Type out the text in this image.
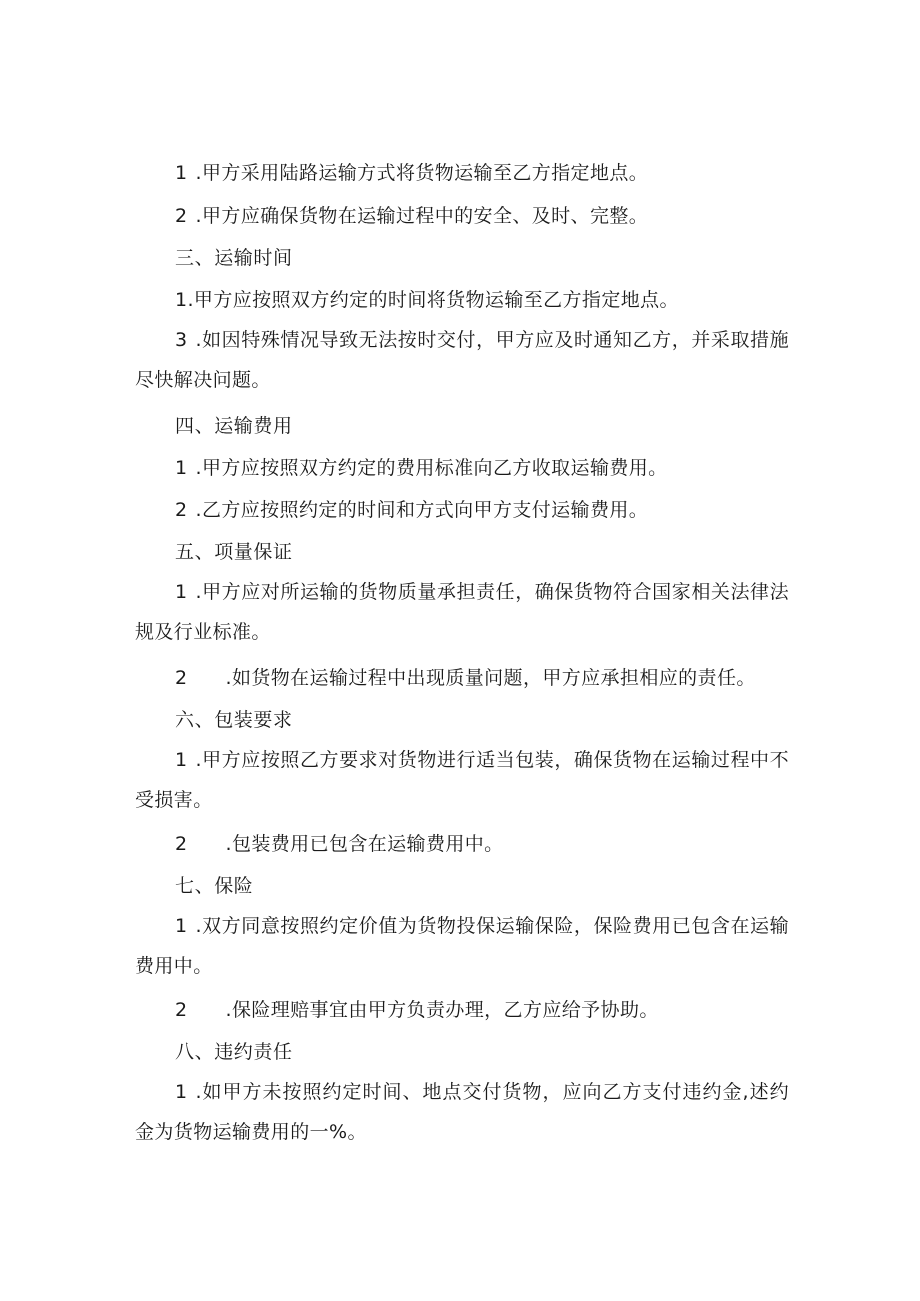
1 .甲方采用陆路运输方式将货物运输至乙方指定地点。
2 .甲方应确保货物在运输过程中的安全、及时、完整。
三、运输时间
1.甲方应按照双方约定的时间将货物运输至乙方指定地点。
3 .如因特殊情况导致无法按时交付，甲方应及时通知乙方，并采取措施尽快解决问题。
四、运输费用
1 .甲方应按照双方约定的费用标准向乙方收取运输费用。
2 .乙方应按照约定的时间和方式向甲方支付运输费用。
五、项量保证
1 .甲方应对所运输的货物质量承担责任，确保货物符合国家相关法律法规及行业标准。
2 .如货物在运输过程中出现质量问题，甲方应承担相应的责任。
六、包装要求
1 .甲方应按照乙方要求对货物进行适当包装，确保货物在运输过程中不受损害。
2 .包装费用已包含在运输费用中。
七、保险
1 .双方同意按照约定价值为货物投保运输保险，保险费用已包含在运输费用中。
2 .保险理赔事宜由甲方负责办理，乙方应给予协助。
八、违约责任
1 .如甲方未按照约定时间、地点交付货物，应向乙方支付违约金,述约金为货物运输费用的一%。
